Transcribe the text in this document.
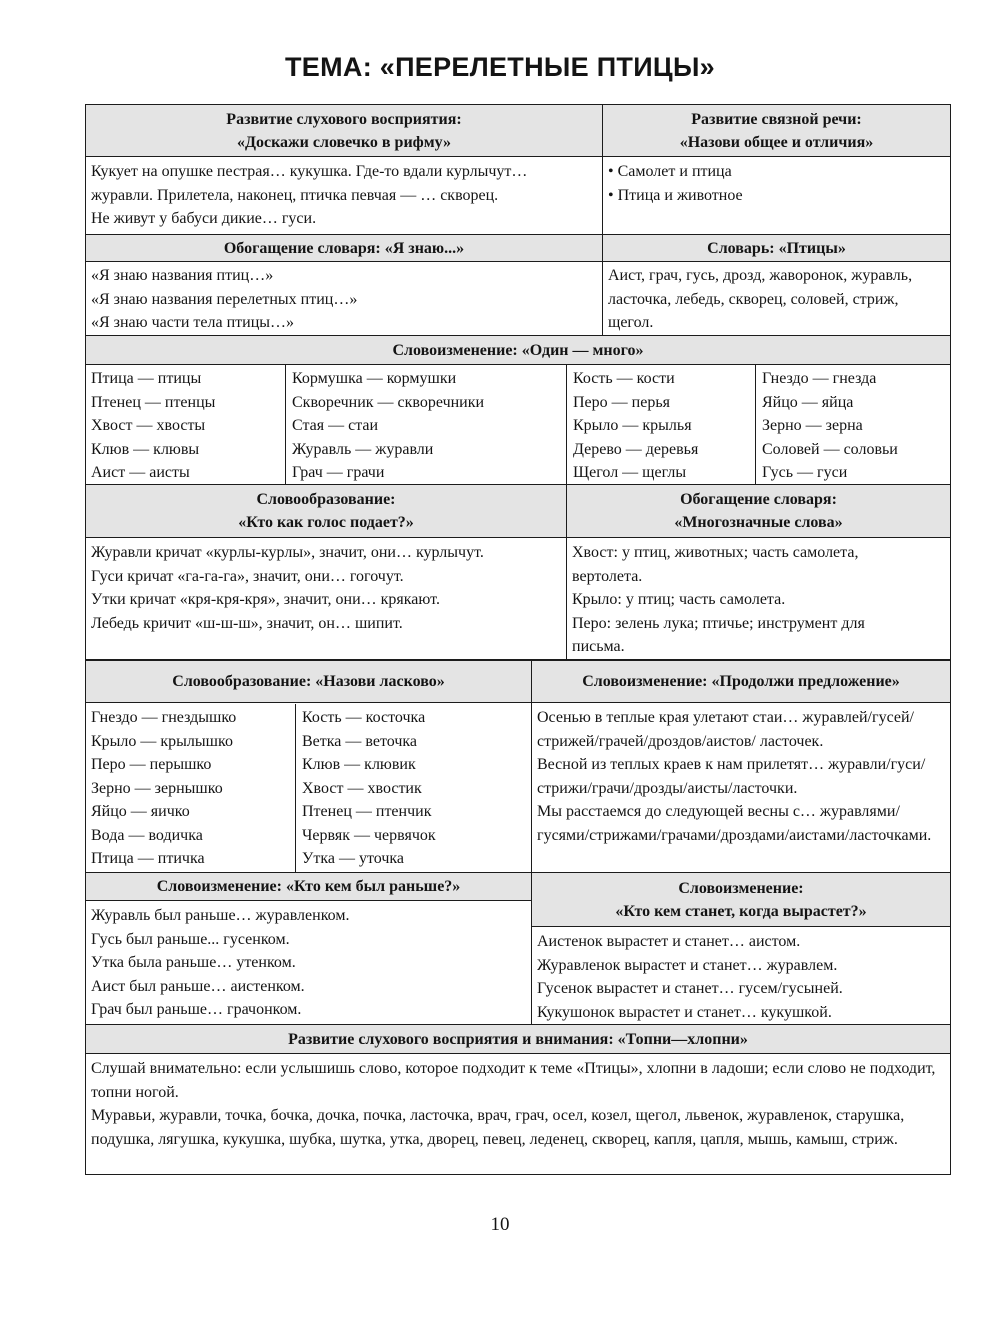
ТЕМА: «ПЕРЕЛЕТНЫЕ ПТИЦЫ»
Развитие слухового восприятия:
«Доскажи словечко в рифму»
Кукует на опушке пестрая… кукушка. Где-то вдали курлычут…
журавли. Прилетела, наконец, птичка певчая — … скворец.
Не живут у бабуси дикие… гуси.
Развитие связной речи:
«Назови общее и отличия»
• Самолет и птица
• Птица и животное
Обогащение словаря: «Я знаю...»
«Я знаю названия птиц…»
«Я знаю названия перелетных птиц…»
«Я знаю части тела птицы…»
Словарь: «Птицы»
Аист, грач, гусь, дрозд, жаворонок, журавль, ласточка, лебедь, скворец, соловей, стриж, щегол.
Словоизменение: «Один — много»
Птица — птицы
Птенец — птенцы
Хвост — хвосты
Клюв — клювы
Аист — аисты
Кормушка — кормушки
Скворечник — скворечники
Стая — стаи
Журавль — журавли
Грач — грачи
Кость — кости
Перо — перья
Крыло — крылья
Дерево — деревья
Щегол — щеглы
Гнездо — гнезда
Яйцо — яйца
Зерно — зерна
Соловей — соловьи
Гусь — гуси
Словообразование:
«Кто как голос подает?»
Журавли кричат «курлы-курлы», значит, они… курлычут.
Гуси кричат «га-га-га», значит, они… гогочут.
Утки кричат «кря-кря-кря», значит, они… крякают.
Лебедь кричит «ш-ш-ш», значит, он… шипит.
Обогащение словаря:
«Многозначные слова»
Хвост: у птиц, животных; часть самолета, вертолета.
Крыло: у птиц; часть самолета.
Перо: зелень лука; птичье; инструмент для письма.
Словообразование: «Назови ласково»
Гнездо — гнездышко
Крыло — крылышко
Перо — перышко
Зерно — зернышко
Яйцо — яичко
Вода — водичка
Птица — птичка
Кость — косточка
Ветка — веточка
Клюв — клювик
Хвост — хвостик
Птенец — птенчик
Червяк — червячок
Утка — уточка
Словоизменение: «Продолжи предложение»
Осенью в теплые края улетают стаи… журавлей/гусей/стрижей/грачей/дроздов/аистов/ ласточек.
Весной из теплых краев к нам прилетят… журавли/гуси/стрижи/грачи/дрозды/аисты/ласточки.
Мы расстаемся до следующей весны с… журавлями/гусями/стрижами/грачами/дроздами/аистами/ласточками.
Словоизменение: «Кто кем был раньше?»
Журавль был раньше… журавленком.
Гусь был раньше... гусенком.
Утка была раньше… утенком.
Аист был раньше… аистенком.
Грач был раньше… грачонком.
Словоизменение:
«Кто кем станет, когда вырастет?»
Аистенок вырастет и станет… аистом.
Журавленок вырастет и станет… журавлем.
Гусенок вырастет и станет… гусем/гусыней.
Кукушонок вырастет и станет… кукушкой.
Развитие слухового восприятия и внимания: «Топни—хлопни»
Слушай внимательно: если услышишь слово, которое подходит к теме «Птицы», хлопни в ладоши; если слово не подходит, топни ногой.
Муравьи, журавли, точка, бочка, дочка, почка, ласточка, врач, грач, осел, козел, щегол, львенок, журавленок, старушка, подушка, лягушка, кукушка, шубка, шутка, утка, дворец, певец, леденец, скворец, капля, цапля, мышь, камыш, стриж.
10
